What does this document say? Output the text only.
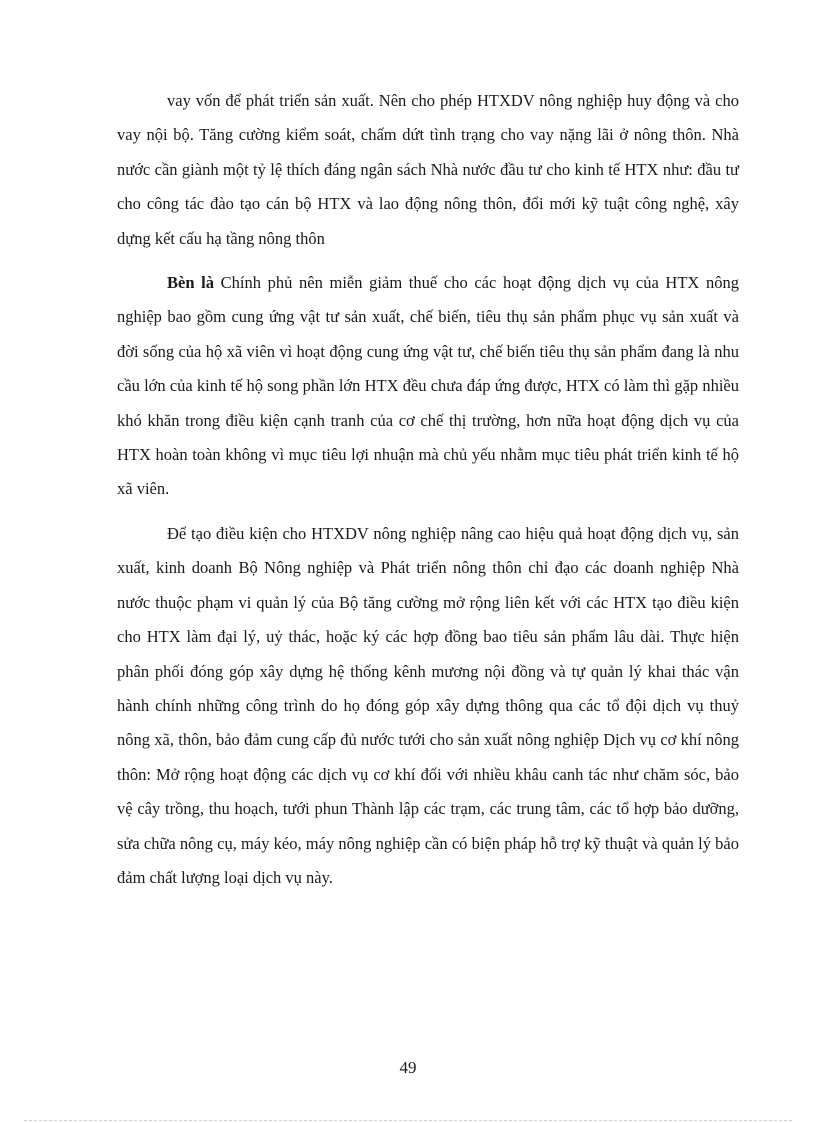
vay vốn để phát triển sản xuất. Nên cho phép HTXDV nông nghiệp huy động và cho vay nội bộ. Tăng cường kiểm soát, chấm dứt tình trạng cho vay nặng lãi ở nông thôn. Nhà nước cần giành một tỷ lệ thích đáng ngân sách Nhà nước đầu tư cho kinh tế HTX như: đầu tư cho công tác đào tạo cán bộ HTX và lao động nông thôn, đổi mới kỹ tuật công nghệ, xây dựng kết cấu hạ tầng nông thôn

Bèn là Chính phủ nên miễn giảm thuế cho các hoạt động dịch vụ của HTX nông nghiệp bao gồm cung ứng vật tư sản xuất, chế biến, tiêu thụ sản phẩm phục vụ sản xuất và đời sống của hộ xã viên vì hoạt động cung ứng vật tư, chế biến tiêu thụ sản phẩm đang là nhu cầu lớn của kinh tế hộ song phần lớn HTX đều chưa đáp ứng được, HTX có làm thì gặp nhiều khó khăn trong điều kiện cạnh tranh của cơ chế thị trường, hơn nữa hoạt động dịch vụ của HTX hoàn toàn không vì mục tiêu lợi nhuận mà chủ yếu nhằm mục tiêu phát triển kinh tế hộ xã viên.

Để tạo điều kiện cho HTXDV nông nghiệp nâng cao hiệu quả hoạt động dịch vụ, sản xuất, kinh doanh Bộ Nông nghiệp và Phát triển nông thôn chỉ đạo các doanh nghiệp Nhà nước thuộc phạm vi quản lý của Bộ tăng cường mở rộng liên kết với các HTX tạo điều kiện cho HTX làm đại lý, uỷ thác, hoặc ký các hợp đồng bao tiêu sản phẩm lâu dài. Thực hiện phân phối đóng góp xây dựng hệ thống kênh mương nội đồng và tự quản lý khai thác vận hành chính những công trình do họ đóng góp xây dựng thông qua các tổ đội dịch vụ thuỷ nông xã, thôn, bảo đảm cung cấp đủ nước tưới cho sản xuất nông nghiệp Dịch vụ cơ khí nông thôn: Mở rộng hoạt động các dịch vụ cơ khí đối với nhiều khâu canh tác như chăm sóc, bảo vệ cây trồng, thu hoạch, tưới phun Thành lập các trạm, các trung tâm, các tổ hợp bảo dưỡng, sửa chữa nông cụ, máy kéo, máy nông nghiệp cần có biện pháp hỗ trợ kỹ thuật và quản lý bảo đảm chất lượng loại dịch vụ này.

49
